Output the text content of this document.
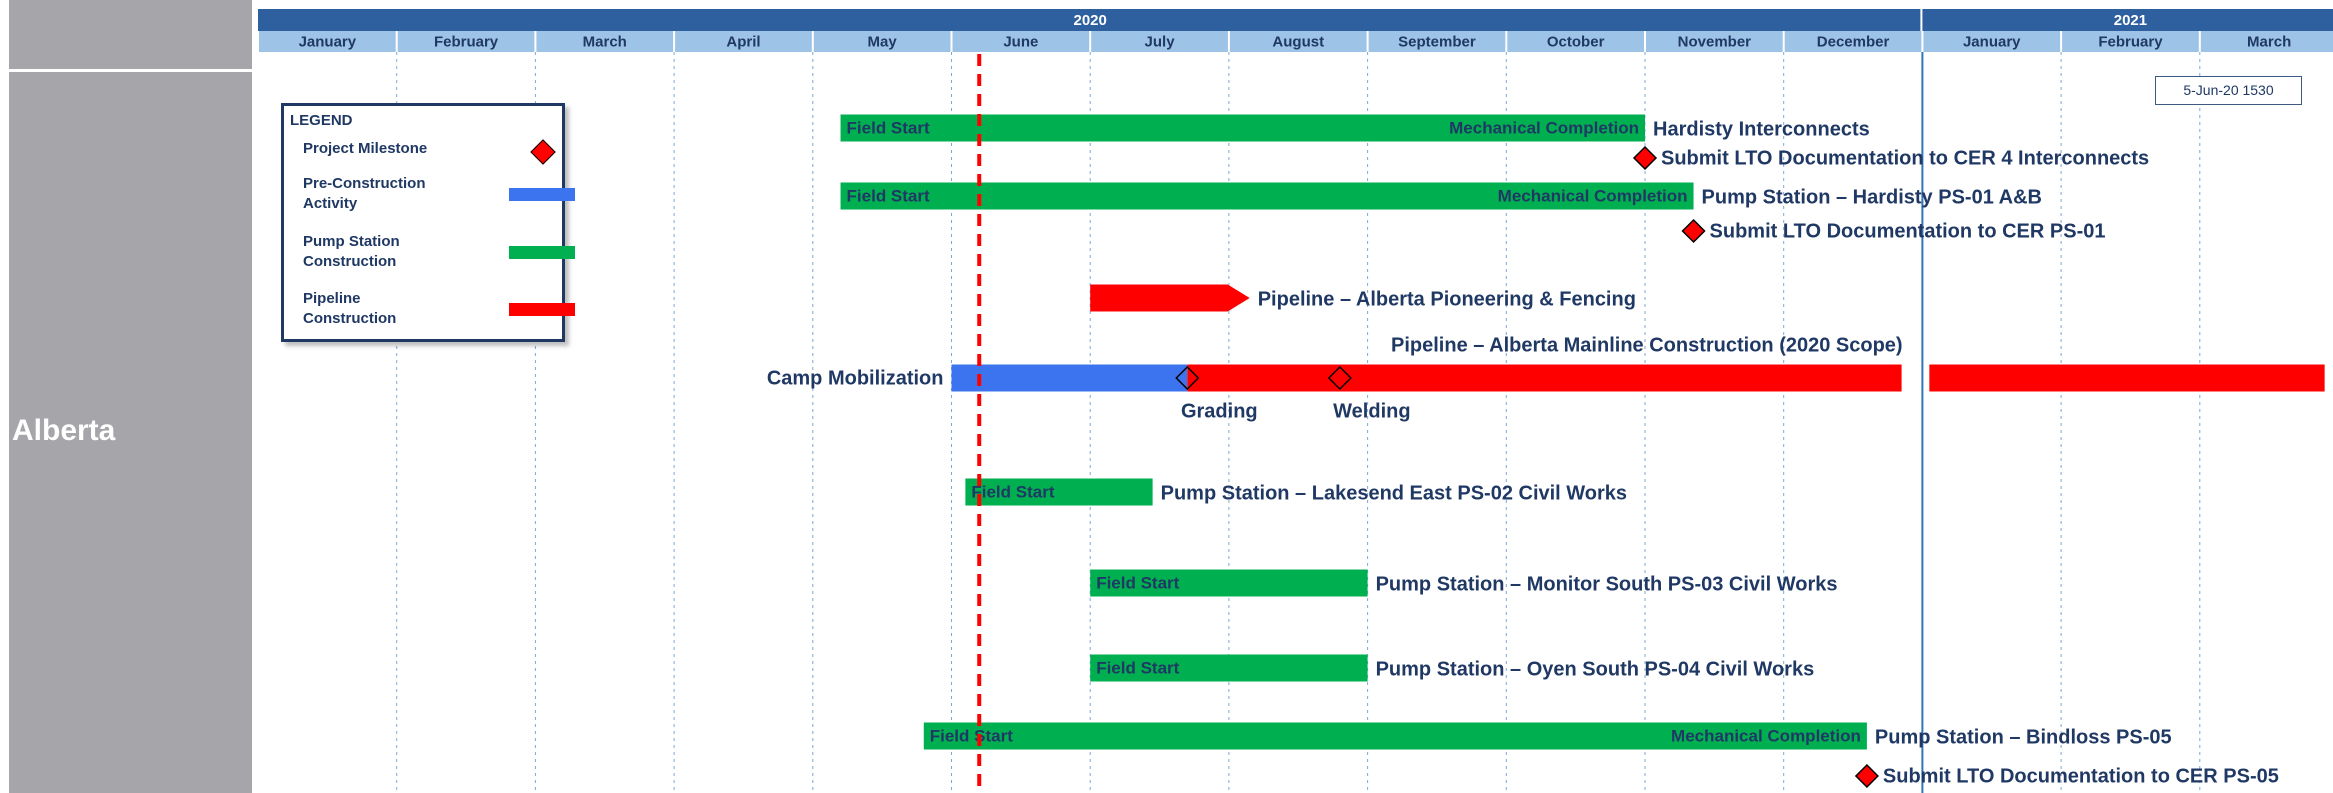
Alberta
2020	2021
January	February	March	April	May	June	July	August	September	October	November	December	January	February	March
Field Start	Mechanical Completion Hardisty Interconnects
Field Start	Mechanical Completion Pump Station – Hardisty PS-01 A&B
Pipeline – Alberta Pioneering & Fencing
Camp Mobilization
Pipeline – Alberta Mainline Construction (2020 Scope)
Field Start	Pump Station – Lakesend East PS-02 Civil Works
Field Start	Pump Station – Monitor South PS-03 Civil Works
Field Start	Pump Station – Oyen South PS-04 Civil Works
Field Start	Mechanical Completion Pump Station – Bindloss PS-05
Submit LTO Documentation to CER 4 Interconnects
Submit LTO Documentation to CER PS-01
Grading	Welding
Submit LTO Documentation to CER PS-05
5-Jun-20 1530
LEGEND
Project Milestone
Pre-Construction Activity
Pump Station Construction
Pipeline Construction
